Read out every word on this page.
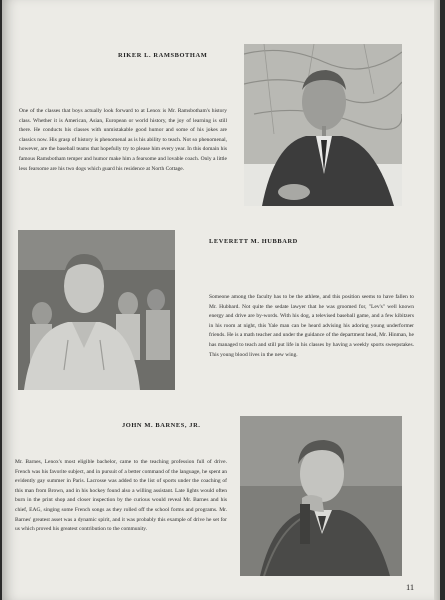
RIKER L. RAMSBOTHAM
One of the classes that boys actually look forward to at Lenox is Mr. Ramsbotham's history class. Whether it is American, Asian, European or world history, the joy of learning is still there. He conducts his classes with unmistakable good humor and some of his jokes are classics now. His grasp of history is phenomenal as is his ability to teach. Not so phenomenal, however, are the baseball teams that hopefully try to please him every year. In this domain his famous Ramsbotham temper and humor make him a fearsome and lovable coach. Only a little less fearsome are his two dogs which guard his residence at North Cottage.
LEVERETT M. HUBBARD
Someone among the faculty has to be the athlete, and this position seems to have fallen to Mr. Hubbard. Not quite the sedate lawyer that he was groomed for, "Lev's" well known energy and drive are by-words. With his dog, a televised baseball game, and a few kibitzers in his room at night, this Yale man can be heard advising his adoring young underformer friends. He is a math teacher and under the guidance of the department head, Mr. Hinman, he has managed to teach and still put life in his classes by having a weekly sports sweepstakes. This young blood lives in the new wing.
JOHN M. BARNES, JR.
Mr. Barnes, Lenox's most eligible bachelor, came to the teaching profession full of drive. French was his favorite subject, and in pursuit of a better command of the language, he spent an evidently gay summer in Paris. Lacrosse was added to the list of sports under the coaching of this man from Brown, and in his hockey found also a willing assistant. Late lights would often burn in the print shop and closer inspection by the curious would reveal Mr. Barnes and his chief, EAG, singing some French songs as they rolled off the school forms and programs. Mr. Barnes' greatest asset was a dynamic spirit, and it was probably this example of drive he set for us which proved his greatest contribution to the community.
11
